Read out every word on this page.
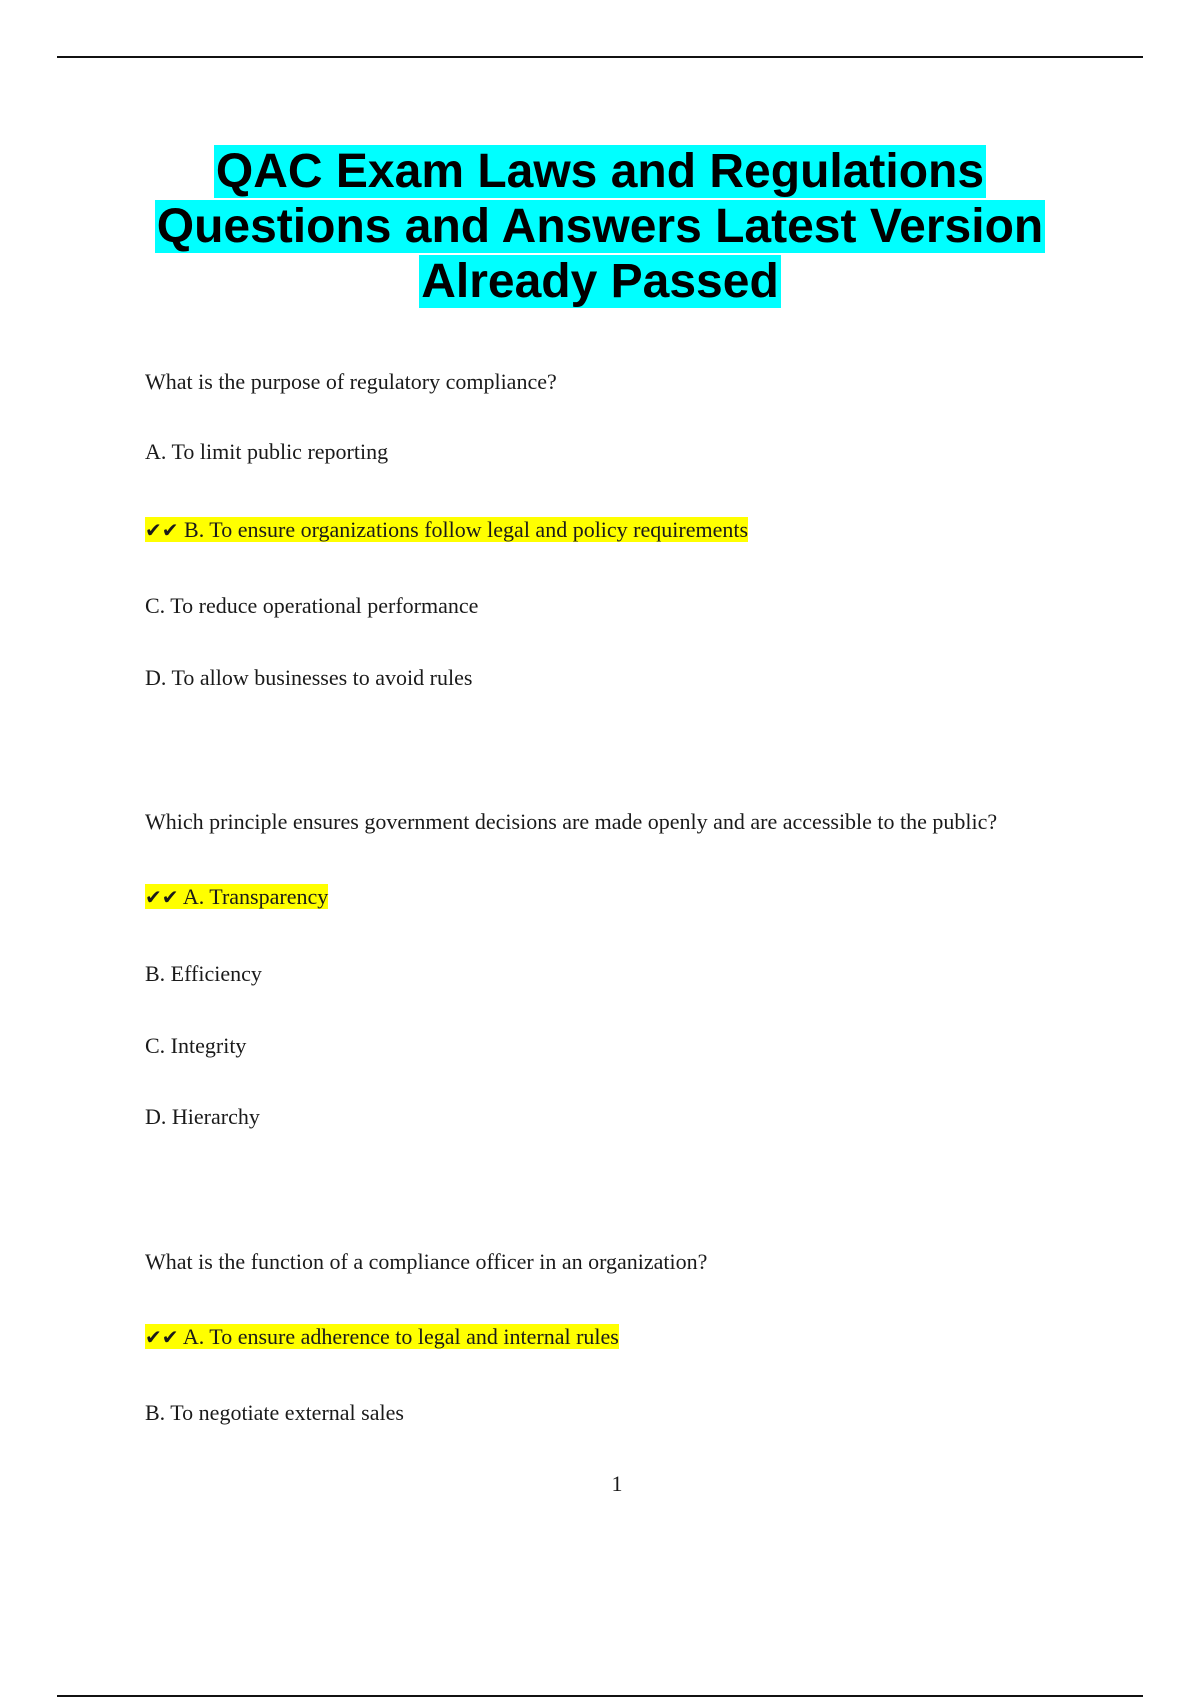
QAC Exam Laws and Regulations
Questions and Answers Latest Version
Already Passed
What is the purpose of regulatory compliance?
A. To limit public reporting
✔✔ B. To ensure organizations follow legal and policy requirements
C. To reduce operational performance
D. To allow businesses to avoid rules
Which principle ensures government decisions are made openly and are accessible to the public?
✔✔ A. Transparency
B. Efficiency
C. Integrity
D. Hierarchy
What is the function of a compliance officer in an organization?
✔✔ A. To ensure adherence to legal and internal rules
B. To negotiate external sales
1
